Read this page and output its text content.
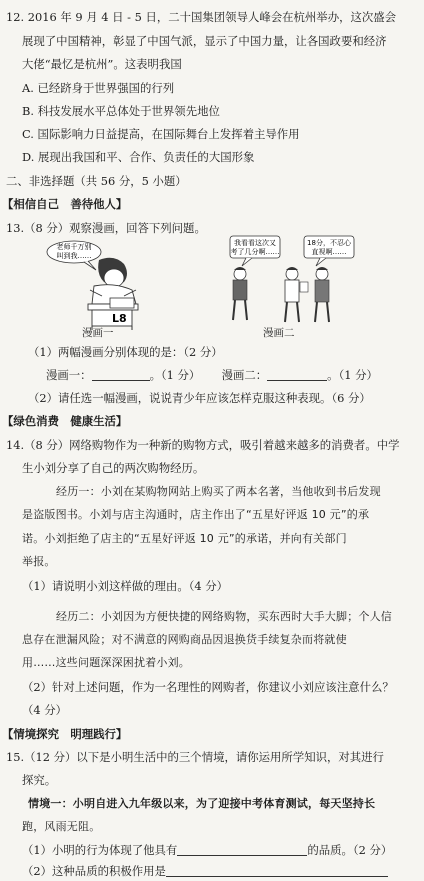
12. 2016 年 9 月 4 日 - 5 日，二十国集团领导人峰会在杭州举办，这次盛会
展现了中国精神，彰显了中国气派，显示了中国力量，让各国政要和经济
大佬“最忆是杭州”。这表明我国
A. 已经跻身于世界强国的行列
B. 科技发展水平总体处于世界领先地位
C. 国际影响力日益提高，在国际舞台上发挥着主导作用
D. 展现出我国和平、合作、负责任的大国形象
二、非选择题（共 56 分，5 小题）
【相信自己　善待他人】
13.（8 分）观察漫画，回答下列问题。
老师千万别
叫到我……
L8
漫画一
我看看这次又
考了几分啊……
18分，不忍心
直视啊……
漫画二
（1）两幅漫画分别体现的是：（2 分）
漫画一：	。（1 分） 漫画二：	。（1 分）
（2）请任选一幅漫画，说说青少年应该怎样克服这种表现。（6 分）
【绿色消费　健康生活】
14.（8 分）网络购物作为一种新的购物方式，吸引着越来越多的消费者。中学
生小刘分享了自己的两次购物经历。
经历一：小刘在某购物网站上购买了两本名著，当他收到书后发现
是盗版图书。小刘与店主沟通时，店主作出了“五星好评返 10 元”的承
诺。小刘拒绝了店主的“五星好评返 10 元”的承诺，并向有关部门
举报。
（1）请说明小刘这样做的理由。（4 分）
经历二：小刘因为方便快捷的网络购物，买东西时大手大脚；个人信
息存在泄漏风险；对不满意的网购商品因退换货手续复杂而将就使
用……这些问题深深困扰着小刘。
（2）针对上述问题，作为一名理性的网购者，你建议小刘应该注意什么？
（4 分）
【情境探究　明理践行】
15.（12 分）以下是小明生活中的三个情境，请你运用所学知识，对其进行
探究。
情境一：小明自进入九年级以来，为了迎接中考体育测试，每天坚持长
跑，风雨无阻。
（1）小明的行为体现了他具有	的品质。（2 分）
（2）这种品质的积极作用是
